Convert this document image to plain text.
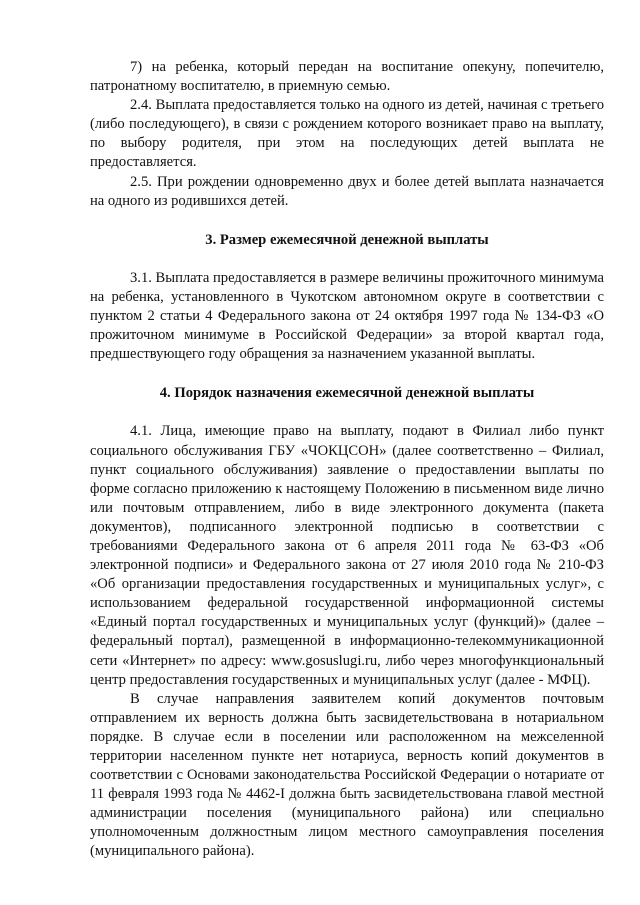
7) на ребенка, который передан на воспитание опекуну, попечителю, патронатному воспитателю, в приемную семью.

2.4. Выплата предоставляется только на одного из детей, начиная с третьего (либо последующего), в связи с рождением которого возникает право на выплату, по выбору родителя, при этом на последующих детей выплата не предоставляется.

2.5. При рождении одновременно двух и более детей выплата назначается на одного из родившихся детей.

3. Размер ежемесячной денежной выплаты

3.1. Выплата предоставляется в размере величины прожиточного минимума на ребенка, установленного в Чукотском автономном округе в соответствии с пунктом 2 статьи 4 Федерального закона от 24 октября 1997 года № 134-ФЗ «О прожиточном минимуме в Российской Федерации» за второй квартал года, предшествующего году обращения за назначением указанной выплаты.

4. Порядок назначения ежемесячной денежной выплаты

4.1. Лица, имеющие право на выплату, подают в Филиал либо пункт социального обслуживания ГБУ «ЧОКЦСОН» (далее соответственно – Филиал, пункт социального обслуживания) заявление о предоставлении выплаты по форме согласно приложению к настоящему Положению в письменном виде лично или почтовым отправлением, либо в виде электронного документа (пакета документов), подписанного электронной подписью в соответствии с требованиями Федерального закона от 6 апреля 2011 года № 63-ФЗ «Об электронной подписи» и Федерального закона от 27 июля 2010 года № 210-ФЗ «Об организации предоставления государственных и муниципальных услуг», с использованием федеральной государственной информационной системы «Единый портал государственных и муниципальных услуг (функций)» (далее – федеральный портал), размещенной в информационно-телекоммуникационной сети «Интернет» по адресу: www.gosuslugi.ru, либо через многофункциональный центр предоставления государственных и муниципальных услуг (далее - МФЦ).

В случае направления заявителем копий документов почтовым отправлением их верность должна быть засвидетельствована в нотариальном порядке. В случае если в поселении или расположенном на межселенной территории населенном пункте нет нотариуса, верность копий документов в соответствии с Основами законодательства Российской Федерации о нотариате от 11 февраля 1993 года № 4462-I должна быть засвидетельствована главой местной администрации поселения (муниципального района) или специально уполномоченным должностным лицом местного самоуправления поселения (муниципального района).
